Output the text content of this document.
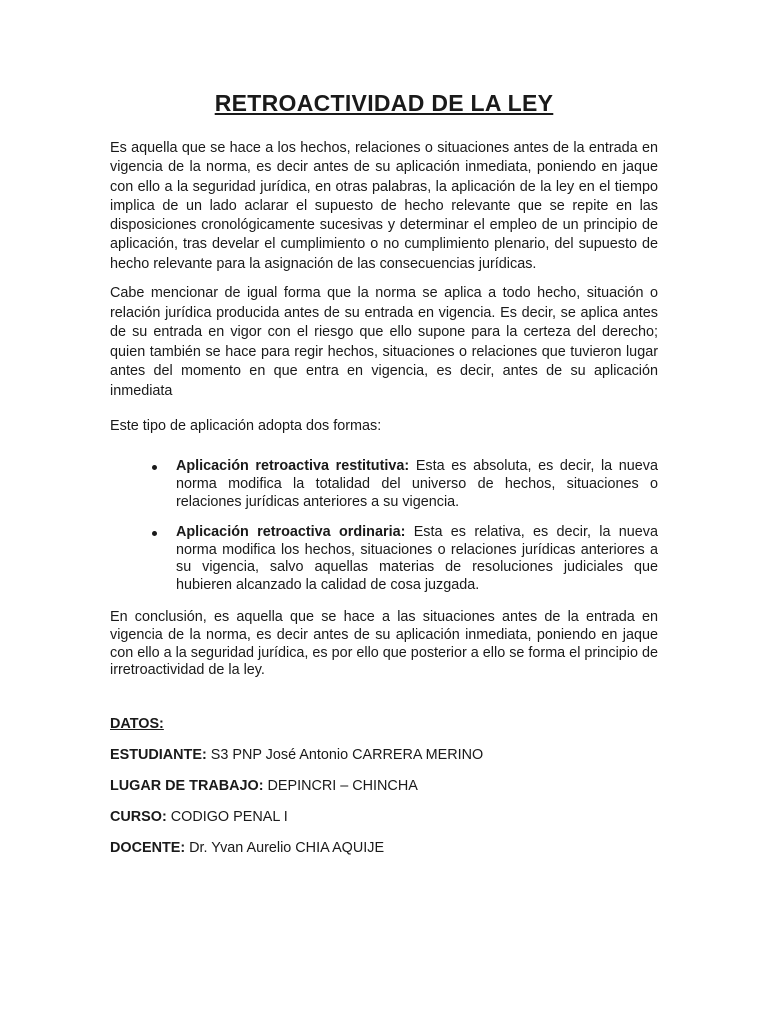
RETROACTIVIDAD DE LA LEY

Es aquella que se hace a los hechos, relaciones o situaciones antes de la entrada en vigencia de la norma, es decir antes de su aplicación inmediata, poniendo en jaque con ello a la seguridad jurídica, en otras palabras, la aplicación de la ley en el tiempo implica de un lado aclarar el supuesto de hecho relevante que se repite en las disposiciones cronológicamente sucesivas y determinar el empleo de un principio de aplicación, tras develar el cumplimiento o no cumplimiento plenario, del supuesto de hecho relevante para la asignación de las consecuencias jurídicas.

Cabe mencionar de igual forma que la norma se aplica a todo hecho, situación o relación jurídica producida antes de su entrada en vigencia. Es decir, se aplica antes de su entrada en vigor con el riesgo que ello supone para la certeza del derecho; quien también se hace para regir hechos, situaciones o relaciones que tuvieron lugar antes del momento en que entra en vigencia, es decir, antes de su aplicación inmediata

Este tipo de aplicación adopta dos formas:

Aplicación retroactiva restitutiva: Esta es absoluta, es decir, la nueva norma modifica la totalidad del universo de hechos, situaciones o relaciones jurídicas anteriores a su vigencia.
Aplicación retroactiva ordinaria: Esta es relativa, es decir, la nueva norma modifica los hechos, situaciones o relaciones jurídicas anteriores a su vigencia, salvo aquellas materias de resoluciones judiciales que hubieren alcanzado la calidad de cosa juzgada.

En conclusión, es aquella que se hace a las situaciones antes de la entrada en vigencia de la norma, es decir antes de su aplicación inmediata, poniendo en jaque con ello a la seguridad jurídica, es por ello que posterior a ello se forma el principio de irretroactividad de la ley.

DATOS:
ESTUDIANTE: S3 PNP José Antonio CARRERA MERINO
LUGAR DE TRABAJO: DEPINCRI – CHINCHA
CURSO: CODIGO PENAL I
DOCENTE: Dr. Yvan Aurelio CHIA AQUIJE
